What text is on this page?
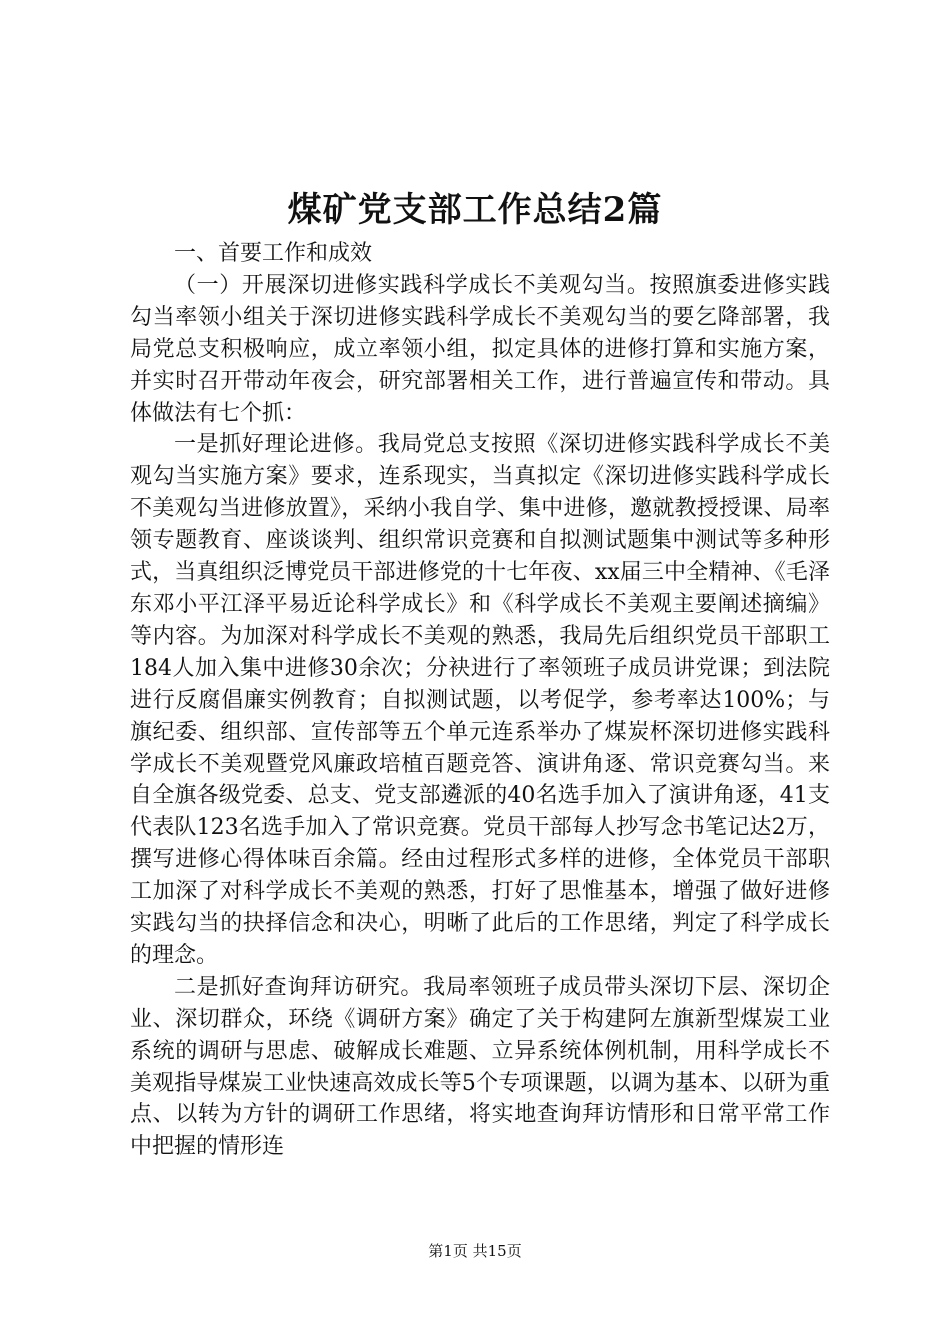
煤矿党支部工作总结2篇

一、首要工作和成效

（一）开展深切进修实践科学成长不美观勾当。按照旗委进修实践勾当率领小组关于深切进修实践科学成长不美观勾当的要乞降部署，我局党总支积极响应，成立率领小组，拟定具体的进修打算和实施方案，并实时召开带动年夜会，研究部署相关工作，进行普遍宣传和带动。具体做法有七个抓：

一是抓好理论进修。我局党总支按照《深切进修实践科学成长不美观勾当实施方案》要求，连系现实，当真拟定《深切进修实践科学成长不美观勾当进修放置》，采纳小我自学、集中进修，邀就教授授课、局率领专题教育、座谈谈判、组织常识竞赛和自拟测试题集中测试等多种形式，当真组织泛博党员干部进修党的十七年夜、xx届三中全精神、《毛泽东邓小平江泽平易近论科学成长》和《科学成长不美观主要阐述摘编》等内容。为加深对科学成长不美观的熟悉，我局先后组织党员干部职工184人加入集中进修30余次；分袂进行了率领班子成员讲党课；到法院进行反腐倡廉实例教育；自拟测试题，以考促学，参考率达100%；与旗纪委、组织部、宣传部等五个单元连系举办了煤炭杯深切进修实践科学成长不美观暨党风廉政培植百题竞答、演讲角逐、常识竞赛勾当。来自全旗各级党委、总支、党支部遴派的40名选手加入了演讲角逐，41支代表队123名选手加入了常识竞赛。党员干部每人抄写念书笔记达2万，撰写进修心得体味百余篇。经由过程形式多样的进修，全体党员干部职工加深了对科学成长不美观的熟悉，打好了思惟基本，增强了做好进修实践勾当的抉择信念和决心，明晰了此后的工作思绪，判定了科学成长的理念。

二是抓好查询拜访研究。我局率领班子成员带头深切下层、深切企业、深切群众，环绕《调研方案》确定了关于构建阿左旗新型煤炭工业系统的调研与思虑、破解成长难题、立异系统体例机制，用科学成长不美观指导煤炭工业快速高效成长等5个专项课题，以调为基本、以研为重点、以转为方针的调研工作思绪，将实地查询拜访情形和日常平常工作中把握的情形连

第1页 共15页
